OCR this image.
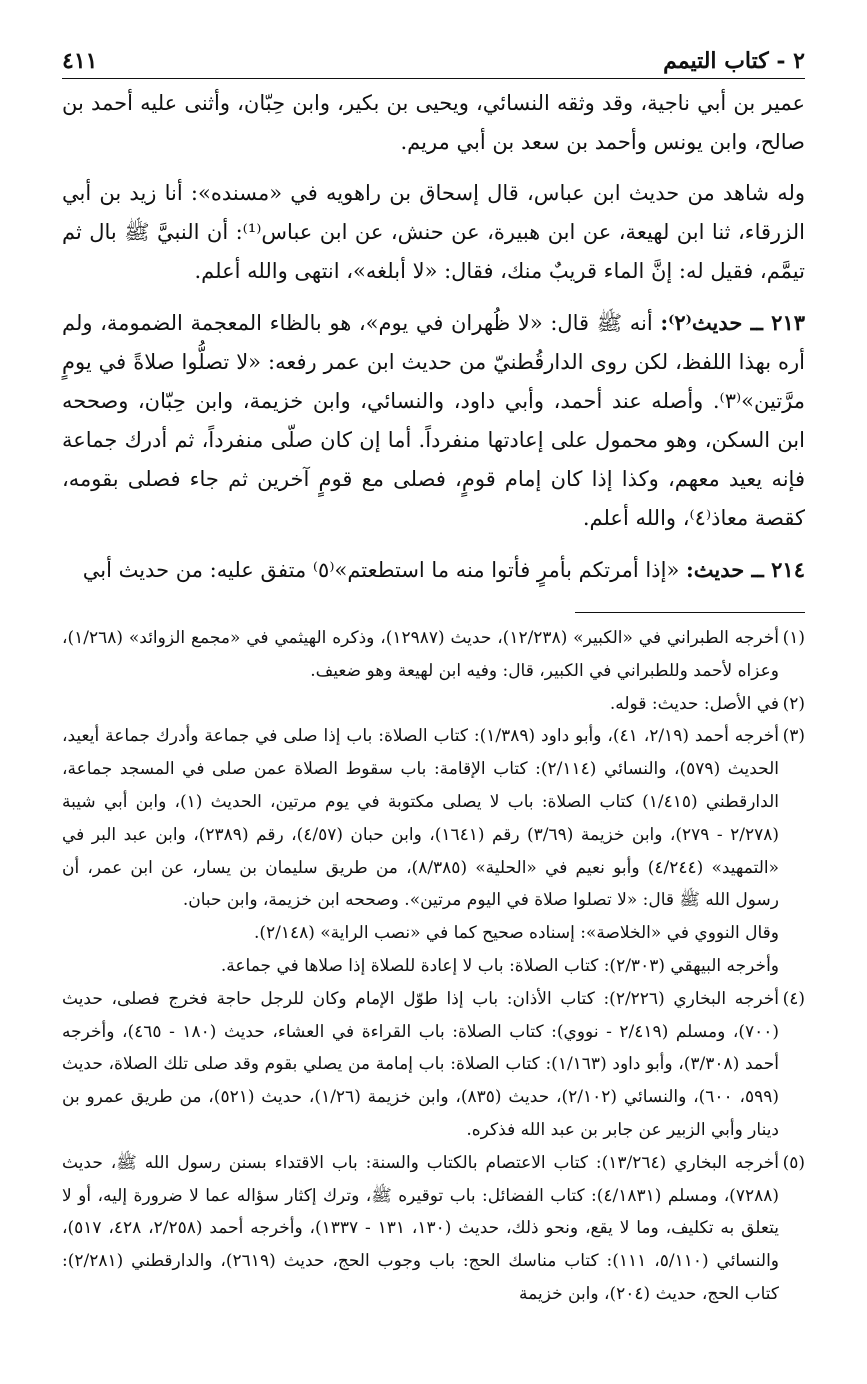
٢ - كتاب التيمم
٤١١

عمير بن أبي ناجية، وقد وثقه النسائي، ويحيى بن بكير، وابن حِبّان، وأثنى عليه أحمد بن صالح، وابن يونس وأحمد بن سعد بن أبي مريم.

وله شاهد من حديث ابن عباس، قال إسحاق بن راهويه في «مسنده»: أنا زيد بن أبي الزرقاء، ثنا ابن لهيعة، عن ابن هبيرة، عن حنش، عن ابن عباس⁽¹⁾: أن النبيَّ ﷺ بال ثم تيمَّم، فقيل له: إنَّ الماء قريبٌ منك، فقال: «لا أبلغه»، انتهى والله أعلم.

٢١٣ ــ حديث⁽٢⁾: أنه ﷺ قال: «لا ظُهران في يوم»، هو بالظاء المعجمة الضمومة، ولم أره بهذا اللفظ، لكن روى الدارقُطنيّ من حديث ابن عمر رفعه: «لا تصلُّوا صلاةً في يومٍ مرَّتين»⁽٣⁾. وأصله عند أحمد، وأبي داود، والنسائي، وابن خزيمة، وابن حِبّان، وصححه ابن السكن، وهو محمول على إعادتها منفرداً. أما إن كان صلّى منفرداً، ثم أدرك جماعة فإنه يعيد معهم، وكذا إذا كان إمام قومٍ، فصلى مع قومٍ آخرين ثم جاء فصلى بقومه، كقصة معاذ⁽٤⁾، والله أعلم.

٢١٤ ــ حديث: «إذا أمرتكم بأمرٍ فأتوا منه ما استطعتم»⁽٥⁾ متفق عليه: من حديث أبي

(١)

أخرجه الطبراني في «الكبير» (١٢/٢٣٨)، حديث (١٢٩٨٧)، وذكره الهيثمي في «مجمع الزوائد» (١/٢٦٨)، وعزاه لأحمد وللطبراني في الكبير، قال: وفيه ابن لهيعة وهو ضعيف.

(٢)

في الأصل: حديث: قوله.

(٣)

أخرجه أحمد (٢/١٩، ٤١)، وأبو داود (١/٣٨٩): كتاب الصلاة: باب إذا صلى في جماعة وأدرك جماعة أيعيد، الحديث (٥٧٩)، والنسائي (٢/١١٤): كتاب الإقامة: باب سقوط الصلاة عمن صلى في المسجد جماعة، الدارقطني (١/٤١٥) كتاب الصلاة: باب لا يصلى مكتوبة في يوم مرتين، الحديث (١)، وابن أبي شيبة (٢/٢٧٨ - ٢٧٩)، وابن خزيمة (٣/٦٩) رقم (١٦٤١)، وابن حبان (٤/٥٧)، رقم (٢٣٨٩)، وابن عبد البر في «التمهيد» (٤/٢٤٤) وأبو نعيم في «الحلية» (٨/٣٨٥)، من طريق سليمان بن يسار، عن ابن عمر، أن رسول الله ﷺ قال: «لا تصلوا صلاة في اليوم مرتين». وصححه ابن خزيمة، وابن حبان.

وقال النووي في «الخلاصة»: إسناده صحيح كما في «نصب الراية» (٢/١٤٨).

وأخرجه البيهقي (٢/٣٠٣): كتاب الصلاة: باب لا إعادة للصلاة إذا صلاها في جماعة.

(٤)

أخرجه البخاري (٢/٢٢٦): كتاب الأذان: باب إذا طوّل الإمام وكان للرجل حاجة فخرج فصلى، حديث (٧٠٠)، ومسلم (٢/٤١٩ - نووي): كتاب الصلاة: باب القراءة في العشاء، حديث (١٨٠ - ٤٦٥)، وأخرجه أحمد (٣/٣٠٨)، وأبو داود (١/١٦٣): كتاب الصلاة: باب إمامة من يصلي بقوم وقد صلى تلك الصلاة، حديث (٥٩٩، ٦٠٠)، والنسائي (٢/١٠٢)، حديث (٨٣٥)، وابن خزيمة (١/٢٦)، حديث (٥٢١)، من طريق عمرو بن دينار وأبي الزبير عن جابر بن عبد الله فذكره.

(٥)

أخرجه البخاري (١٣/٢٦٤): كتاب الاعتصام بالكتاب والسنة: باب الاقتداء بسنن رسول الله ﷺ، حديث (٧٢٨٨)، ومسلم (٤/١٨٣١): كتاب الفضائل: باب توقيره ﷺ، وترك إكثار سؤاله عما لا ضرورة إليه، أو لا يتعلق به تكليف، وما لا يقع، ونحو ذلك، حديث (١٣٠، ١٣١ - ١٣٣٧)، وأخرجه أحمد (٢/٢٥٨، ٤٢٨، ٥١٧)، والنسائي (٥/١١٠، ١١١): كتاب مناسك الحج: باب وجوب الحج، حديث (٢٦١٩)، والدارقطني (٢/٢٨١): كتاب الحج، حديث (٢٠٤)، وابن خزيمة
